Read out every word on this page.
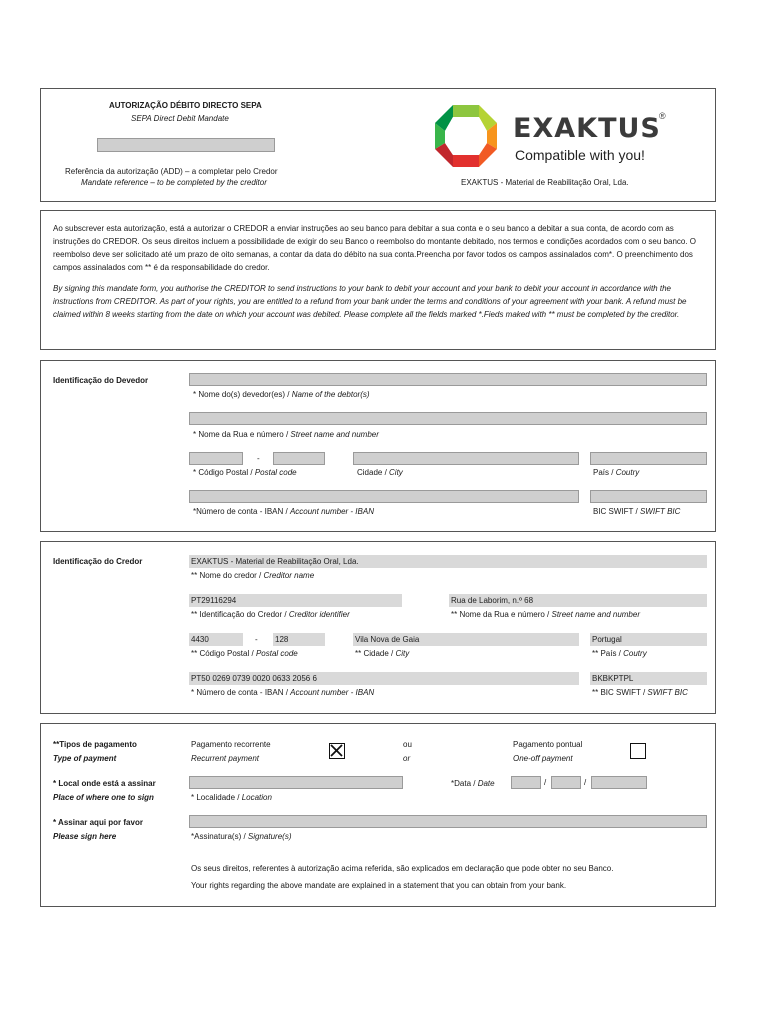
AUTORIZAÇÃO DÉBITO DIRECTO SEPA
SEPA Direct Debit Mandate
Referência da autorização (ADD) – a completar pelo Credor
Mandate reference – to be completed by the creditor
EXAKTUS
®
Compatible with you!
EXAKTUS - Material de Reabilitação Oral, Lda.
Ao subscrever esta autorização, está a autorizar o CREDOR a enviar instruções ao seu banco para debitar a sua conta e o seu banco a debitar a sua conta, de acordo com as instruções do CREDOR. Os seus direitos incluem a possibilidade de exigir do seu Banco o reembolso do montante debitado, nos termos e condições acordados com o seu banco. O reembolso deve ser solicitado até um prazo de oito semanas, a contar da data do débito na sua conta.Preencha por favor todos os campos assinalados com*. O preenchimento dos campos assinalados com ** é da responsabilidade do credor.
By signing this mandate form, you authorise the CREDITOR to send instructions to your bank to debit your account and your bank to debit your account in accordance with the instructions from CREDITOR. As part of your rights, you are entitled to a refund from your bank under the terms and conditions of your agreement with your bank. A refund must be claimed within 8 weeks starting from the date on which your account was debited. Please complete all the fields marked *.Fieds maked with ** must be completed by the creditor.
Identificação do Devedor
* Nome do(s) devedor(es) / Name of the debtor(s)
* Nome da Rua e número / Street name and number
-
* Código Postal / Postal code	Cidade / City	País / Coutry
*Número de conta - IBAN / Account number - IBAN	BIC SWIFT / SWIFT BIC
Identificação do Credor	EXAKTUS - Material de Reabilitação Oral, Lda.
** Nome do credor / Creditor name
PT29116294	Rua de Laborim, n.º 68
** Identificação do Credor / Creditor identifier	** Nome da Rua e número / Street name and number
4430	- 128	Vila Nova de Gaia	Portugal
** Código Postal / Postal code	** Cidade / City	** País / Coutry
PT50 0269 0739 0020 0633 2056 6	BKBKPTPL
* Número de conta - IBAN / Account number - IBAN	** BIC SWIFT / SWIFT BIC
**Tipos de pagamento
Type of payment
Pagamento recorrente
Recurrent payment
ou
or
Pagamento pontual
One-off payment
* Local onde está a assinar
Place of where one to sign	* Localidade / Location
*Data / Date	/	/
* Assinar aqui por favor
Please sign here	*Assinatura(s) / Signature(s)
Os seus direitos, referentes à autorização acima referida, são explicados em declaração que pode obter no seu Banco.
Your rights regarding the above mandate are explained in a statement that you can obtain from your bank.
